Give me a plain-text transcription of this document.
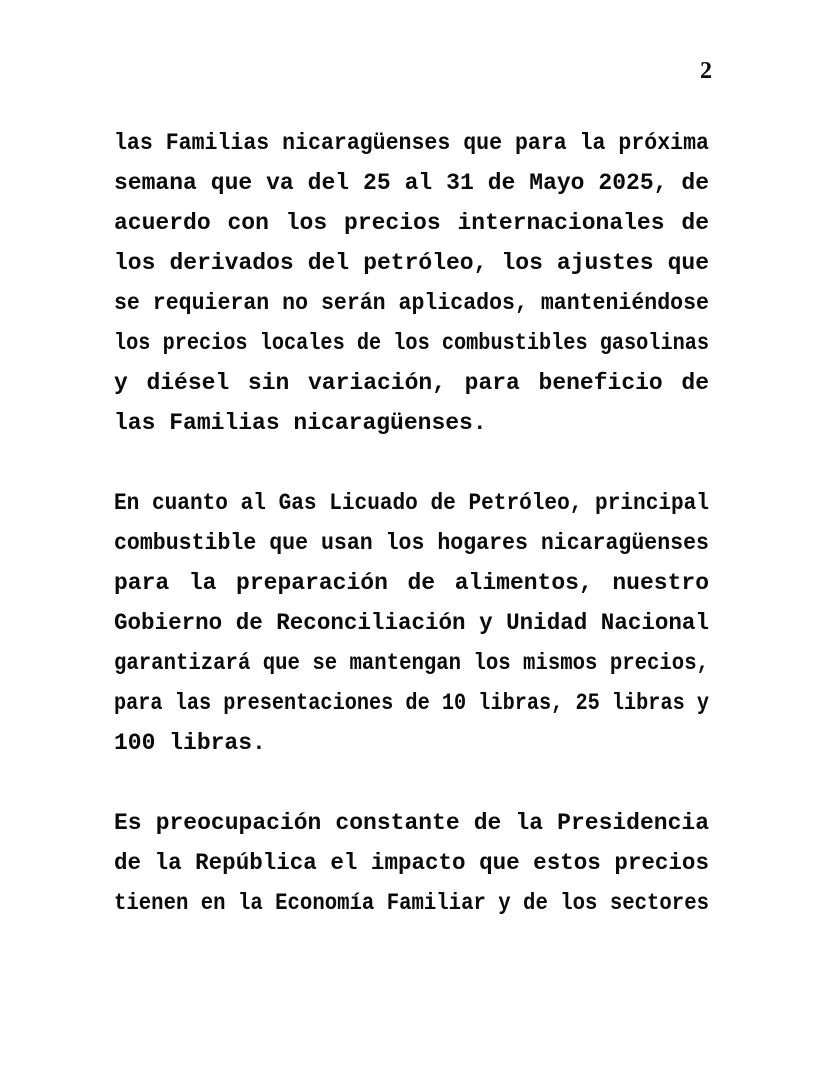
2
las Familias nicaragüenses que para la próxima
semana que va del 25 al 31 de Mayo 2025, de
acuerdo con los precios internacionales de
los derivados del petróleo, los ajustes que
se requieran no serán aplicados, manteniéndose
los precios locales de los combustibles gasolinas
y diésel sin variación, para beneficio de
las Familias nicaragüenses.
En cuanto al Gas Licuado de Petróleo, principal
combustible que usan los hogares nicaragüenses
para la preparación de alimentos, nuestro
Gobierno de Reconciliación y Unidad Nacional
garantizará que se mantengan los mismos precios,
para las presentaciones de 10 libras, 25 libras y
100 libras.
Es preocupación constante de la Presidencia
de la República el impacto que estos precios
tienen en la Economía Familiar y de los sectores
